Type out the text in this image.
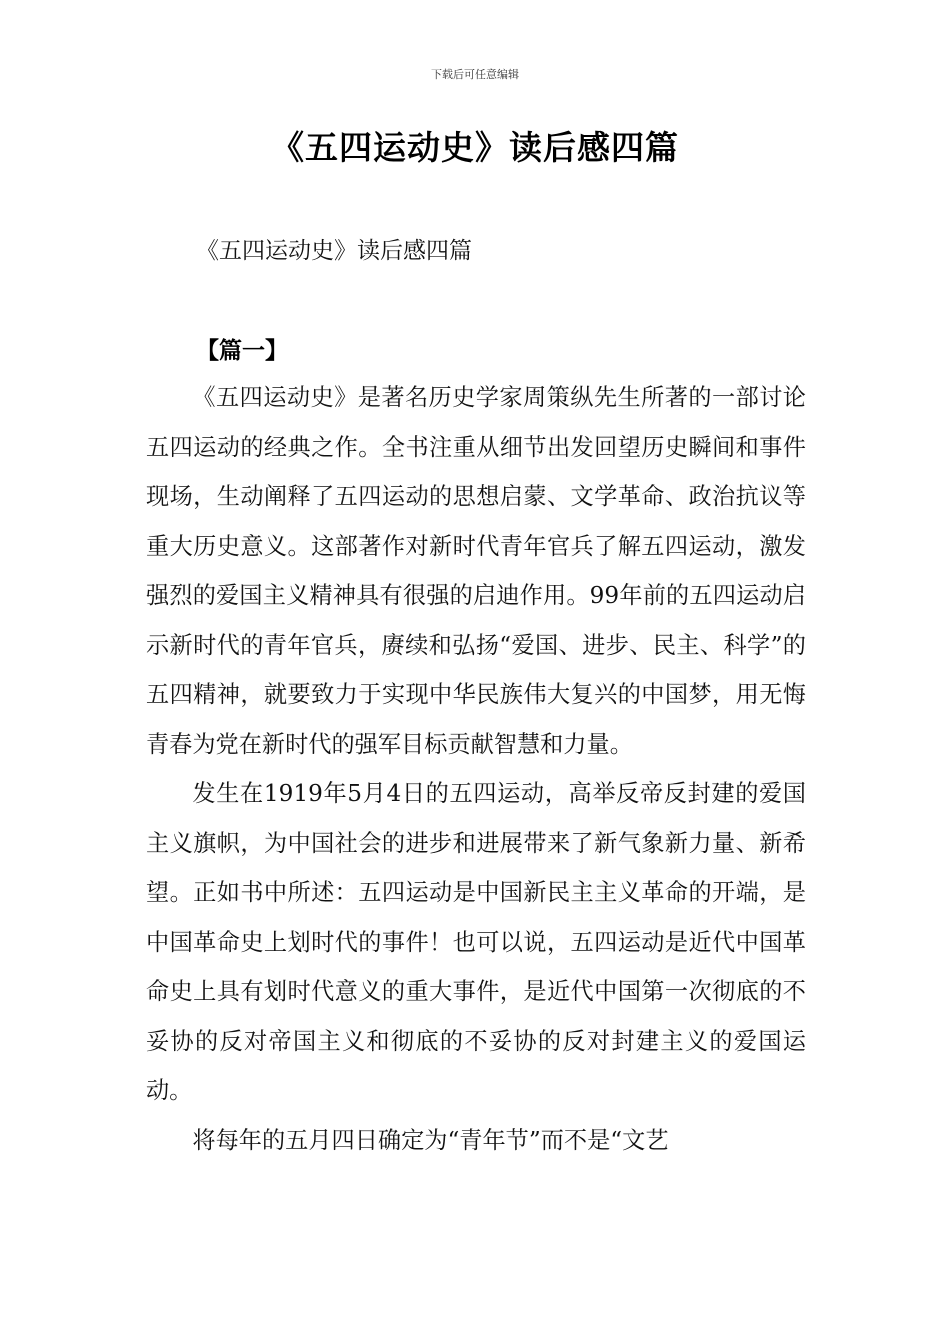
下载后可任意编辑
《五四运动史》读后感四篇
《五四运动史》读后感四篇
【篇一】

《五四运动史》是著名历史学家周策纵先生所著的一部讨论五四运动的经典之作。全书注重从细节出发回望历史瞬间和事件现场，生动阐释了五四运动的思想启蒙、文学革命、政治抗议等重大历史意义。这部著作对新时代青年官兵了解五四运动，激发强烈的爱国主义精神具有很强的启迪作用。99年前的五四运动启示新时代的青年官兵，赓续和弘扬“爱国、进步、民主、科学”的五四精神，就要致力于实现中华民族伟大复兴的中国梦，用无悔青春为党在新时代的强军目标贡献智慧和力量。

发生在1919年5月4日的五四运动，高举反帝反封建的爱国主义旗帜，为中国社会的进步和进展带来了新气象新力量、新希望。正如书中所述：五四运动是中国新民主主义革命的开端，是中国革命史上划时代的事件！也可以说，五四运动是近代中国革命史上具有划时代意义的重大事件，是近代中国第一次彻底的不妥协的反对帝国主义和彻底的不妥协的反对封建主义的爱国运动。

将每年的五月四日确定为“青年节”而不是“文艺
